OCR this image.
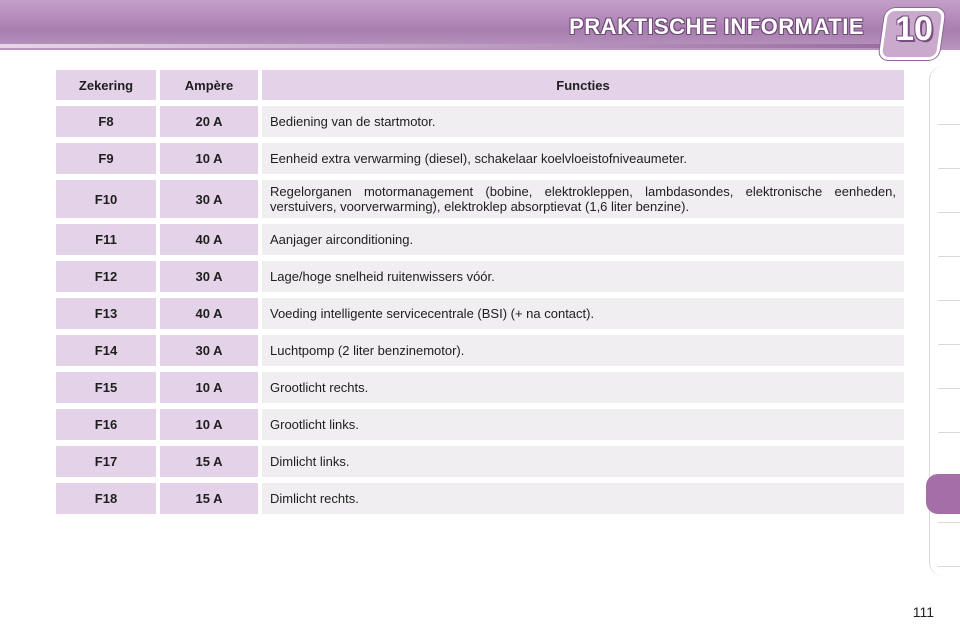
PRAKTISCHE INFORMATIE 10
Zekering		Ampère		Functies
F8		20 A		Bediening van de startmotor.
F9		10 A		Eenheid extra verwarming (diesel), schakelaar koelvloeistofniveaumeter.
F10		30 A		Regelorganen motormanagement (bobine, elektrokleppen, lambdasondes, elektronische eenheden, verstuivers, voorverwarming), elektroklep absorptievat (1,6 liter benzine).
F11		40 A		Aanjager airconditioning.
F12		30 A		Lage/hoge snelheid ruitenwissers vóór.
F13		40 A		Voeding intelligente servicecentrale (BSI) (+ na contact).
F14		30 A		Luchtpomp (2 liter benzinemotor).
F15		10 A		Grootlicht rechts.
F16		10 A		Grootlicht links.
F17		15 A		Dimlicht links.
F18		15 A		Dimlicht rechts.
111
